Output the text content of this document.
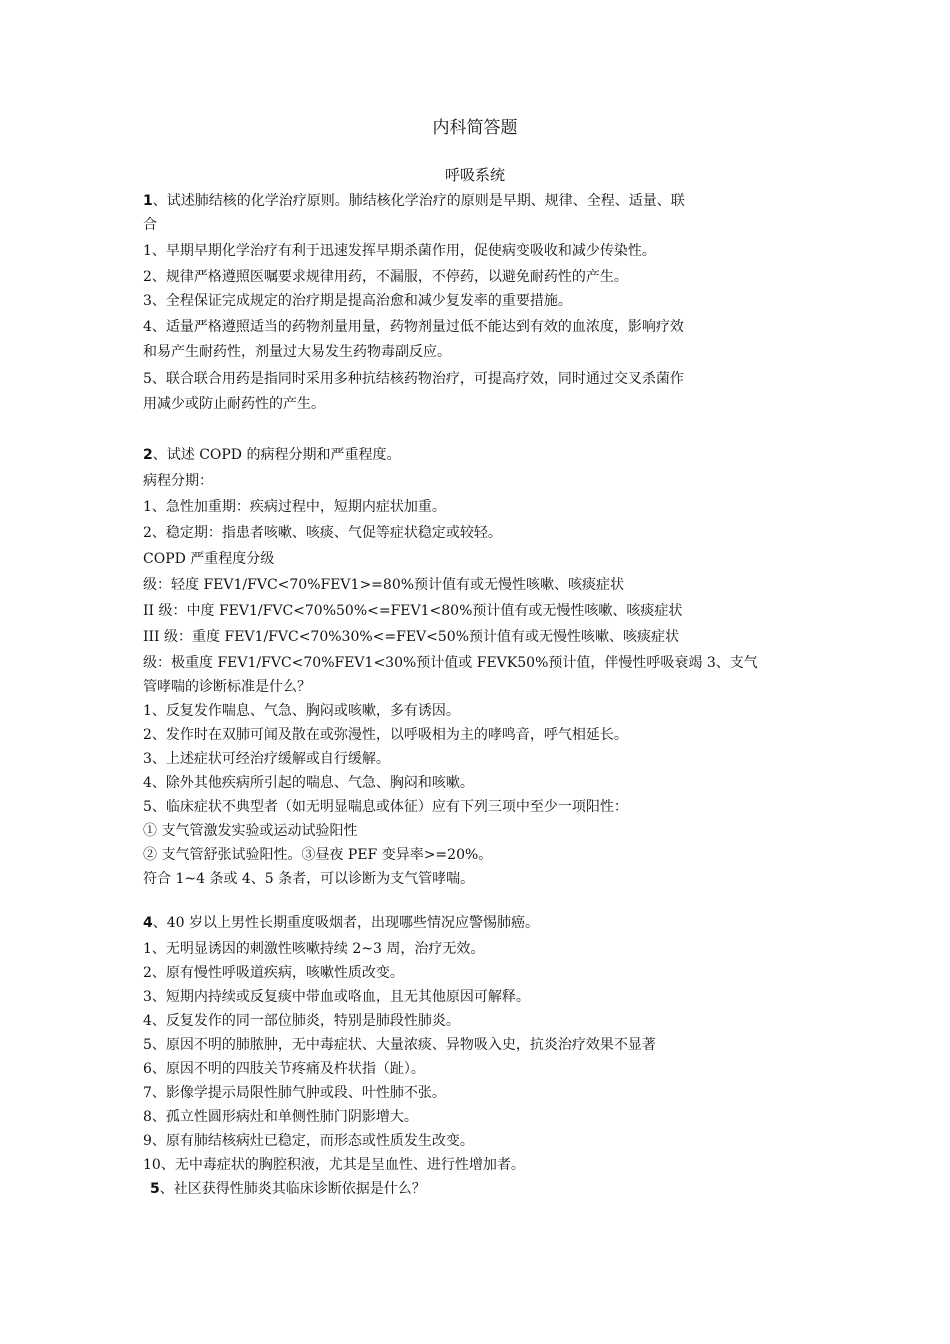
内科简答题
呼吸系统
1、试述肺结核的化学治疗原则。肺结核化学治疗的原则是早期、规律、全程、适量、联
合
1、早期早期化学治疗有利于迅速发挥早期杀菌作用，促使病变吸收和减少传染性。
2、规律严格遵照医嘱要求规律用药，不漏服，不停药，以避免耐药性的产生。
3、全程保证完成规定的治疗期是提高治愈和减少复发率的重要措施。
4、适量严格遵照适当的药物剂量用量，药物剂量过低不能达到有效的血浓度，影响疗效
和易产生耐药性，剂量过大易发生药物毒副反应。
5、联合联合用药是指同时采用多种抗结核药物治疗，可提高疗效，同时通过交叉杀菌作
用减少或防止耐药性的产生。
2、试述 COPD 的病程分期和严重程度。
病程分期：
1、急性加重期：疾病过程中，短期内症状加重。
2、稳定期：指患者咳嗽、咳痰、气促等症状稳定或较轻。
COPD 严重程度分级
级：轻度 FEV1/FVC<70%FEV1>=80%预计值有或无慢性咳嗽、咳痰症状
II 级：中度 FEV1/FVC<70%50%<=FEV1<80%预计值有或无慢性咳嗽、咳痰症状
III 级：重度 FEV1/FVC<70%30%<=FEV<50%预计值有或无慢性咳嗽、咳痰症状
级：极重度 FEV1/FVC<70%FEV1<30%预计值或 FEVK50%预计值，伴慢性呼吸衰竭 3、支气
管哮喘的诊断标准是什么？
1、反复发作喘息、气急、胸闷或咳嗽，多有诱因。
2、发作时在双肺可闻及散在或弥漫性，以呼吸相为主的哮鸣音，呼气相延长。
3、上述症状可经治疗缓解或自行缓解。
4、除外其他疾病所引起的喘息、气急、胸闷和咳嗽。
5、临床症状不典型者（如无明显喘息或体征）应有下列三项中至少一项阳性：
① 支气管激发实验或运动试验阳性
② 支气管舒张试验阳性。③昼夜 PEF 变异率>=20%。
符合 1~4 条或 4、5 条者，可以诊断为支气管哮喘。
4、40 岁以上男性长期重度吸烟者，出现哪些情况应警惕肺癌。
1、无明显诱因的刺激性咳嗽持续 2~3 周，治疗无效。
2、原有慢性呼吸道疾病，咳嗽性质改变。
3、短期内持续或反复痰中带血或咯血，且无其他原因可解释。
4、反复发作的同一部位肺炎，特别是肺段性肺炎。
5、原因不明的肺脓肿，无中毒症状、大量浓痰、异物吸入史，抗炎治疗效果不显著
6、原因不明的四肢关节疼痛及杵状指（趾）。
7、影像学提示局限性肺气肿或段、叶性肺不张。
8、孤立性圆形病灶和单侧性肺门阴影增大。
9、原有肺结核病灶已稳定，而形态或性质发生改变。
10、无中毒症状的胸腔积液，尤其是呈血性、进行性增加者。
5、社区获得性肺炎其临床诊断依据是什么？
